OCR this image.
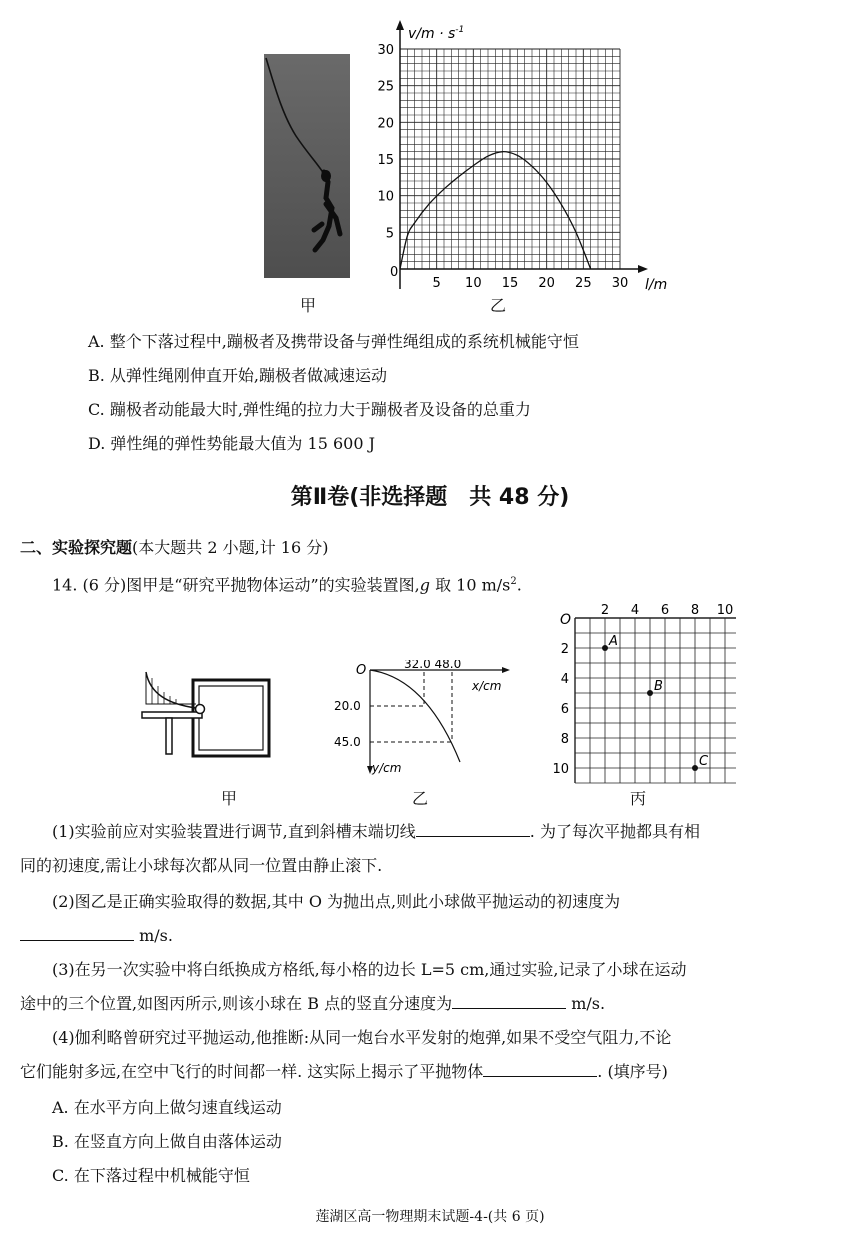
甲
$v/m \cdot s^{-1}$
l/m
0
5 10 15 20 25 30
5
10
15
20
25
30
乙
A. 整个下落过程中,蹦极者及携带设备与弹性绳组成的系统机械能守恒
B. 从弹性绳刚伸直开始,蹦极者做减速运动
C. 蹦极者动能最大时,弹性绳的拉力大于蹦极者及设备的总重力
D. 弹性绳的弹性势能最大值为 15 600 J
第Ⅱ卷(非选择题　共 48 分)
二、实验探究题(本大题共 2 小题,计 16 分)
14. (6 分)图甲是“研究平抛物体运动”的实验装置图,g 取 10 $m/s^2$.
甲
O	32.0 48.0
x/cm
20.0
45.0
y/cm
乙
O
2 4 6 8 10
2
4
6
8
10
A
B
C
丙
(1)实验前应对实验装置进行调节,直到斜槽末端切线	. 为了每次平抛都具有相
同的初速度,需让小球每次都从同一位置由静止滚下.
(2)图乙是正确实验取得的数据,其中 O 为抛出点,则此小球做平抛运动的初速度为
m/s.
(3)在另一次实验中将白纸换成方格纸,每小格的边长 L=5 cm,通过实验,记录了小球在运动
途中的三个位置,如图丙所示,则该小球在 B 点的竖直分速度为	m/s.
(4)伽利略曾研究过平抛运动,他推断:从同一炮台水平发射的炮弹,如果不受空气阻力,不论
它们能射多远,在空中飞行的时间都一样. 这实际上揭示了平抛物体	. (填序号)
A. 在水平方向上做匀速直线运动
B. 在竖直方向上做自由落体运动
C. 在下落过程中机械能守恒
莲湖区高一物理期末试题-4-(共 6 页)
